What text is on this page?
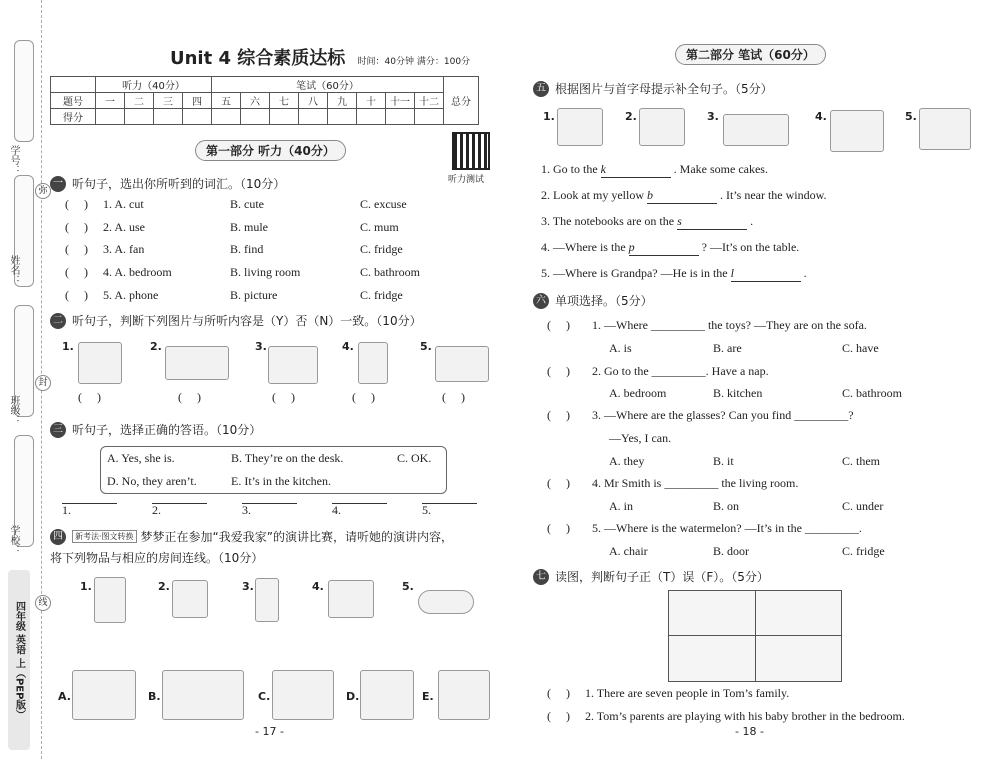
学号：
姓名：
班级：
学校：
弥
封
线
四年级 英语 上（PEP版）
Unit 4 综合素质达标 时间：40分钟 满分：100分
	听力（40分）				笔试（60分）								总分
题号	一	二	三	四	五	六	七	八	九	十	十一	十二	
得分													
听力测试
第一部分 听力（40分）
一 听句子，选出你所听到的词汇。（10分）
(     ) 1. A. cut	B. cute	C. excuse
(     ) 2. A. use	B. mule	C. mum
(     ) 3. A. fan	B. find	C. fridge
(     ) 4. A. bedroom	B. living room	C. bathroom
(     ) 5. A. phone	B. picture	C. fridge
二 听句子，判断下列图片与所听内容是（Y）否（N）一致。（10分）
1.	2.	3.	4.	5.
(     )	(     )	(     )	(     )	(     )
三 听句子，选择正确的答语。（10分）
A. Yes, she is.	B. They’re on the desk.	C. OK.
D. No, they aren’t.	E. It’s in the kitchen.
1.	2.	3.	4.	5.
四	新考法·图文转换 梦梦正在参加“我爱我家”的演讲比赛，请听她的演讲内容，
将下列物品与相应的房间连线。（10分）
1.	2.	3.	4.	5.
A.	B.	C.	D.	E.
- 17 -
第二部分 笔试（60分）
五 根据图片与首字母提示补全句子。（5分）
1.	2.	3.	4.	5.
1. Go to the k	. Make some cakes.
2. Look at my yellow b	. It’s near the window.
3. The notebooks are on the s	.
4. —Where is the p	? —It’s on the table.
5. —Where is Grandpa? —He is in the l	.
六 单项选择。（5分）
(     ) 1. —Where _________ the toys? —They are on the sofa.
A. is	B. are	C. have
(     ) 2. Go to the _________. Have a nap.
A. bedroom	B. kitchen	C. bathroom
(     ) 3. —Where are the glasses? Can you find _________?
—Yes, I can.
A. they	B. it	C. them
(     ) 4. Mr Smith is _________ the living room.
A. in	B. on	C. under
(     ) 5. —Where is the watermelon? —It’s in the _________.
A. chair	B. door	C. fridge
七 读图，判断句子正（T）误（F）。（5分）
(     ) 1. There are seven people in Tom’s family.
(     ) 2. Tom’s parents are playing with his baby brother in the bedroom.
- 18 -
